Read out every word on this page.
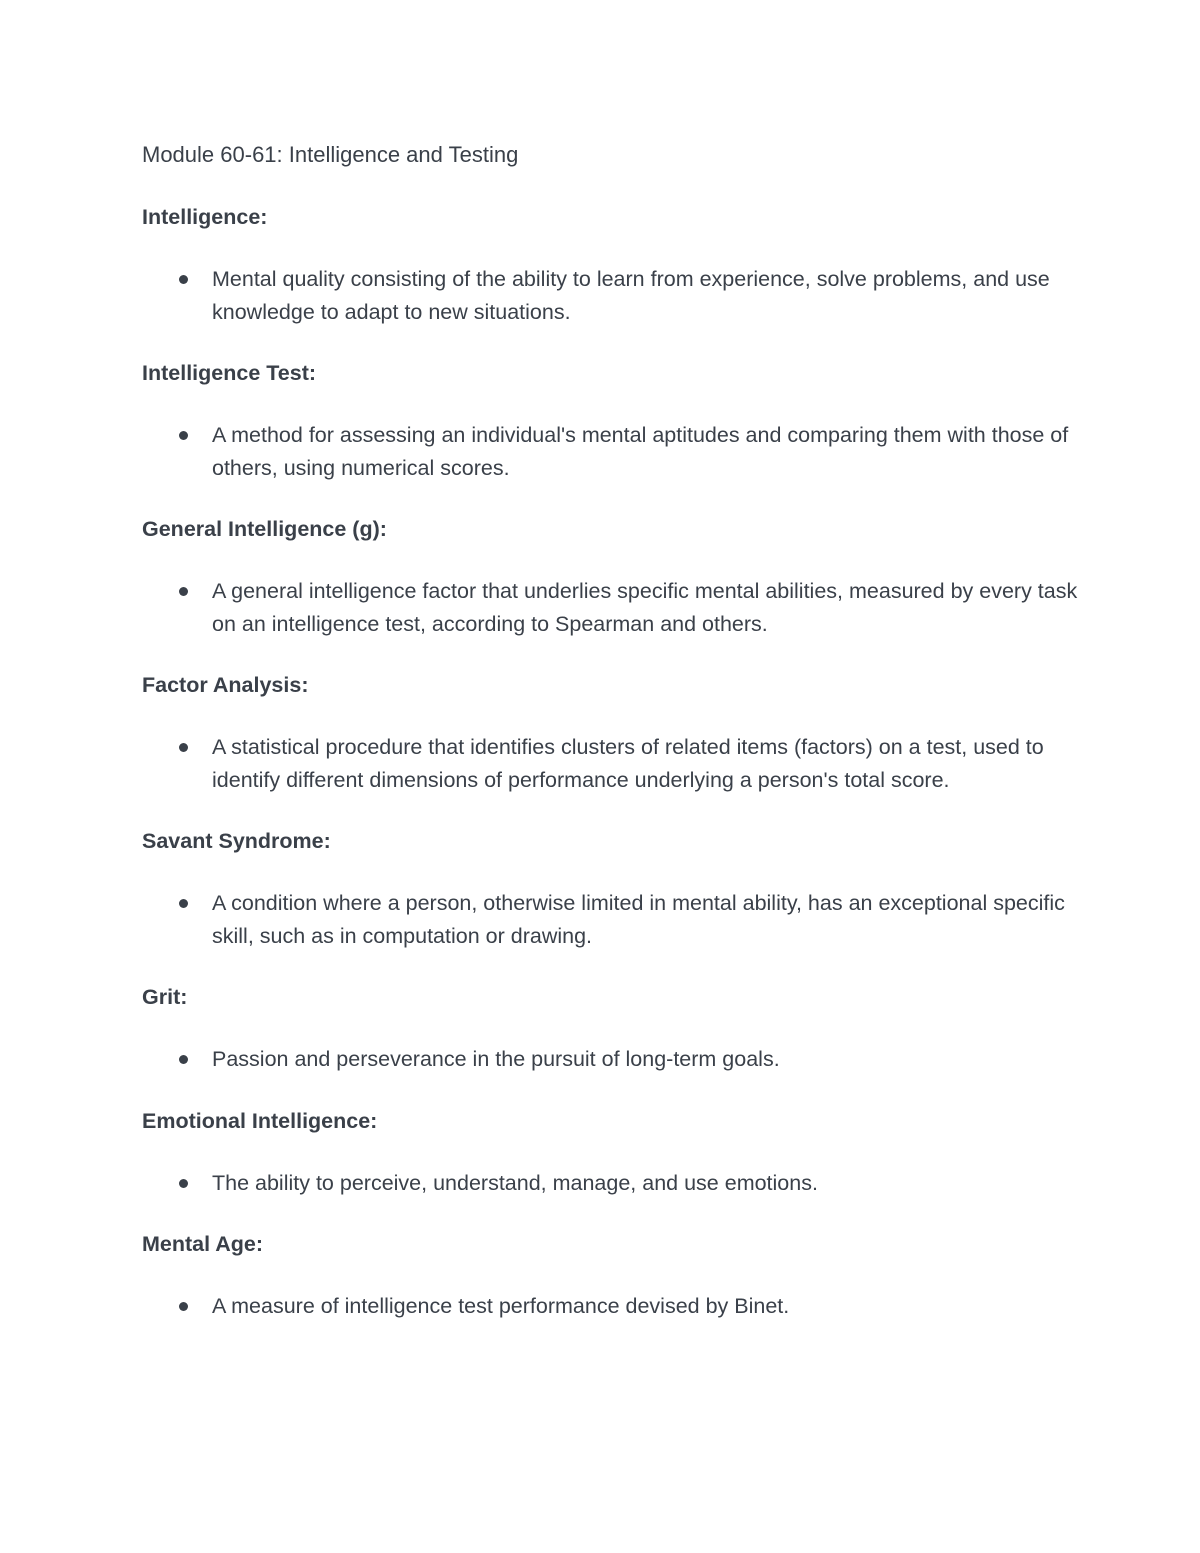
Module 60-61: Intelligence and Testing
Intelligence:
Mental quality consisting of the ability to learn from experience, solve problems, and use knowledge to adapt to new situations.
Intelligence Test:
A method for assessing an individual's mental aptitudes and comparing them with those of others, using numerical scores.
General Intelligence (g):
A general intelligence factor that underlies specific mental abilities, measured by every task on an intelligence test, according to Spearman and others.
Factor Analysis:
A statistical procedure that identifies clusters of related items (factors) on a test, used to identify different dimensions of performance underlying a person's total score.
Savant Syndrome:
A condition where a person, otherwise limited in mental ability, has an exceptional specific skill, such as in computation or drawing.
Grit:
Passion and perseverance in the pursuit of long-term goals.
Emotional Intelligence:
The ability to perceive, understand, manage, and use emotions.
Mental Age:
A measure of intelligence test performance devised by Binet.
